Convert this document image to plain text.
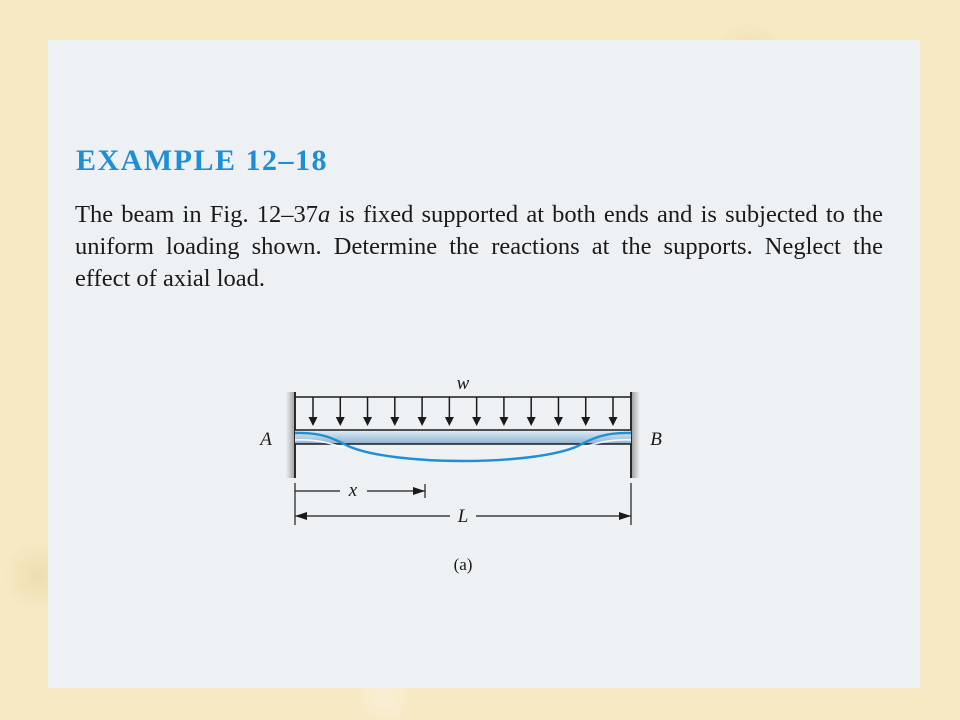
EXAMPLE 12–18

The beam in Fig. 12–37a is fixed supported at both ends and is subjected to the uniform loading shown. Determine the reactions at the supports. Neglect the effect of axial load.

w
A	B
x
L
(a)
